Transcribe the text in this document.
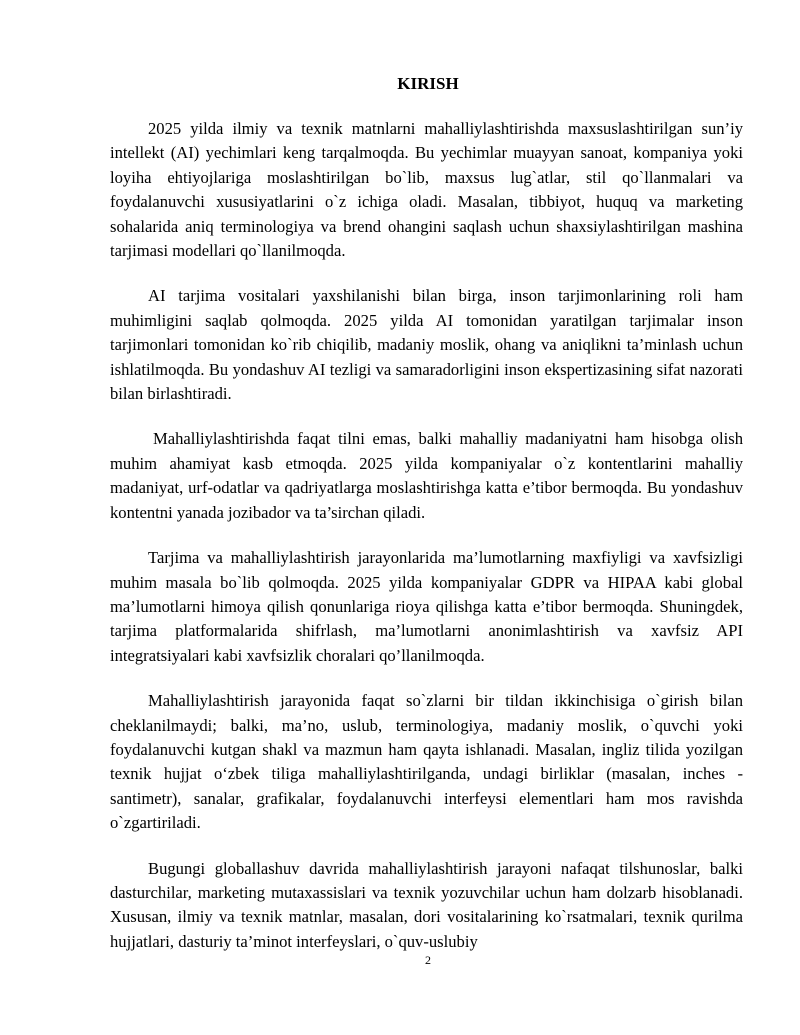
KIRISH

2025 yilda ilmiy va texnik matnlarni mahalliylashtirishda maxsuslashtirilgan sun’iy intellekt (AI) yechimlari keng tarqalmoqda. Bu yechimlar muayyan sanoat, kompaniya yoki loyiha ehtiyojlariga moslashtirilgan bo`lib, maxsus lug`atlar, stil qo`llanmalari va foydalanuvchi xususiyatlarini o`z ichiga oladi. Masalan, tibbiyot, huquq va marketing sohalarida aniq terminologiya va brend ohangini saqlash uchun shaxsiylashtirilgan mashina tarjimasi modellari qo`llanilmoqda.

AI tarjima vositalari yaxshilanishi bilan birga, inson tarjimonlarining roli ham muhimligini saqlab qolmoqda. 2025 yilda AI tomonidan yaratilgan tarjimalar inson tarjimonlari tomonidan ko`rib chiqilib, madaniy moslik, ohang va aniqlikni ta’minlash uchun ishlatilmoqda. Bu yondashuv AI tezligi va samaradorligini inson ekspertizasining sifat nazorati bilan birlashtiradi.

Mahalliylashtirishda faqat tilni emas, balki mahalliy madaniyatni ham hisobga olish muhim ahamiyat kasb etmoqda. 2025 yilda kompaniyalar o`z kontentlarini mahalliy madaniyat, urf-odatlar va qadriyatlarga moslashtirishga katta e’tibor bermoqda. Bu yondashuv kontentni yanada jozibador va ta’sirchan qiladi.

Tarjima va mahalliylashtirish jarayonlarida ma’lumotlarning maxfiyligi va xavfsizligi muhim masala bo`lib qolmoqda. 2025 yilda kompaniyalar GDPR va HIPAA kabi global ma’lumotlarni himoya qilish qonunlariga rioya qilishga katta e’tibor bermoqda. Shuningdek, tarjima platformalarida shifrlash, ma’lumotlarni anonimlashtirish va xavfsiz API integratsiyalari kabi xavfsizlik choralari qo’llanilmoqda.

Mahalliylashtirish jarayonida faqat so`zlarni bir tildan ikkinchisiga o`girish bilan cheklanilmaydi; balki, ma’no, uslub, terminologiya, madaniy moslik, o`quvchi yoki foydalanuvchi kutgan shakl va mazmun ham qayta ishlanadi. Masalan, ingliz tilida yozilgan texnik hujjat o‘zbek tiliga mahalliylashtirilganda, undagi birliklar (masalan, inches - santimetr), sanalar, grafikalar, foydalanuvchi interfeysi elementlari ham mos ravishda o`zgartiriladi.

Bugungi globallashuv davrida mahalliylashtirish jarayoni nafaqat tilshunoslar, balki dasturchilar, marketing mutaxassislari va texnik yozuvchilar uchun ham dolzarb hisoblanadi. Xususan, ilmiy va texnik matnlar, masalan, dori vositalarining ko`rsatmalari, texnik qurilma hujjatlari, dasturiy ta’minot interfeyslari, o`quv-uslubiy

2
